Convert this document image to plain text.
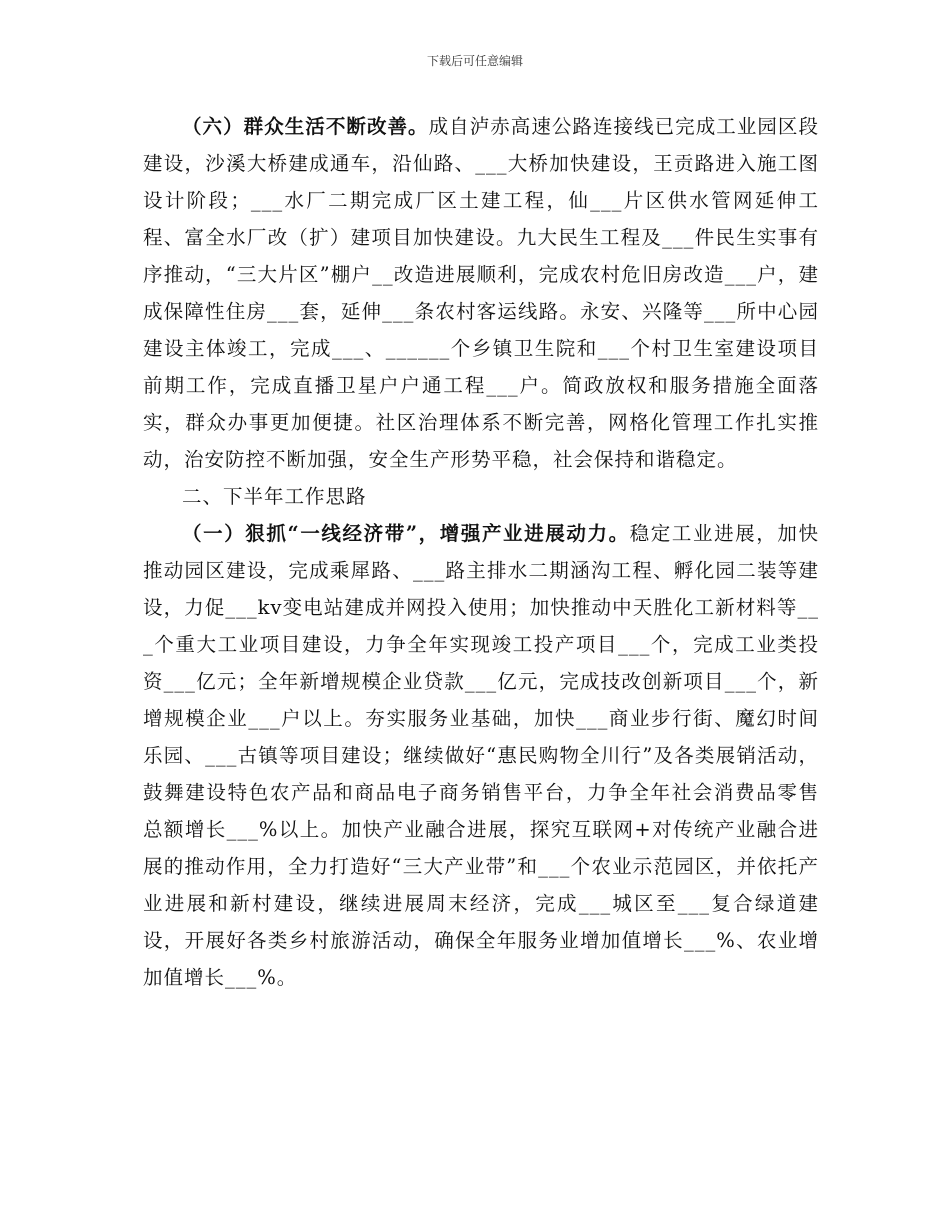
下载后可任意编辑

（六）群众生活不断改善。成自泸赤高速公路连接线已完成工业园区段建设，沙溪大桥建成通车，沿仙路、___大桥加快建设，王贡路进入施工图设计阶段；___水厂二期完成厂区土建工程，仙___片区供水管网延伸工程、富全水厂改（扩）建项目加快建设。九大民生工程及___件民生实事有序推动，“三大片区”棚户__改造进展顺利，完成农村危旧房改造___户，建成保障性住房___套，延伸___条农村客运线路。永安、兴隆等___所中心园建设主体竣工，完成___、______个乡镇卫生院和___个村卫生室建设项目前期工作，完成直播卫星户户通工程___户。简政放权和服务措施全面落实，群众办事更加便捷。社区治理体系不断完善，网格化管理工作扎实推动，治安防控不断加强，安全生产形势平稳，社会保持和谐稳定。

二、下半年工作思路

（一）狠抓“一线经济带”，增强产业进展动力。稳定工业进展，加快推动园区建设，完成乘犀路、___路主排水二期涵沟工程、孵化园二装等建设，力促___kv变电站建成并网投入使用；加快推动中天胜化工新材料等___个重大工业项目建设，力争全年实现竣工投产项目___个，完成工业类投资___亿元；全年新增规模企业贷款___亿元，完成技改创新项目___个，新增规模企业___户以上。夯实服务业基础，加快___商业步行街、魔幻时间乐园、___古镇等项目建设；继续做好“惠民购物全川行”及各类展销活动，鼓舞建设特色农产品和商品电子商务销售平台，力争全年社会消费品零售总额增长___%以上。加快产业融合进展，探究互联网+对传统产业融合进展的推动作用，全力打造好“三大产业带”和___个农业示范园区，并依托产业进展和新村建设，继续进展周末经济，完成___城区至___复合绿道建设，开展好各类乡村旅游活动，确保全年服务业增加值增长___%、农业增加值增长___%。
